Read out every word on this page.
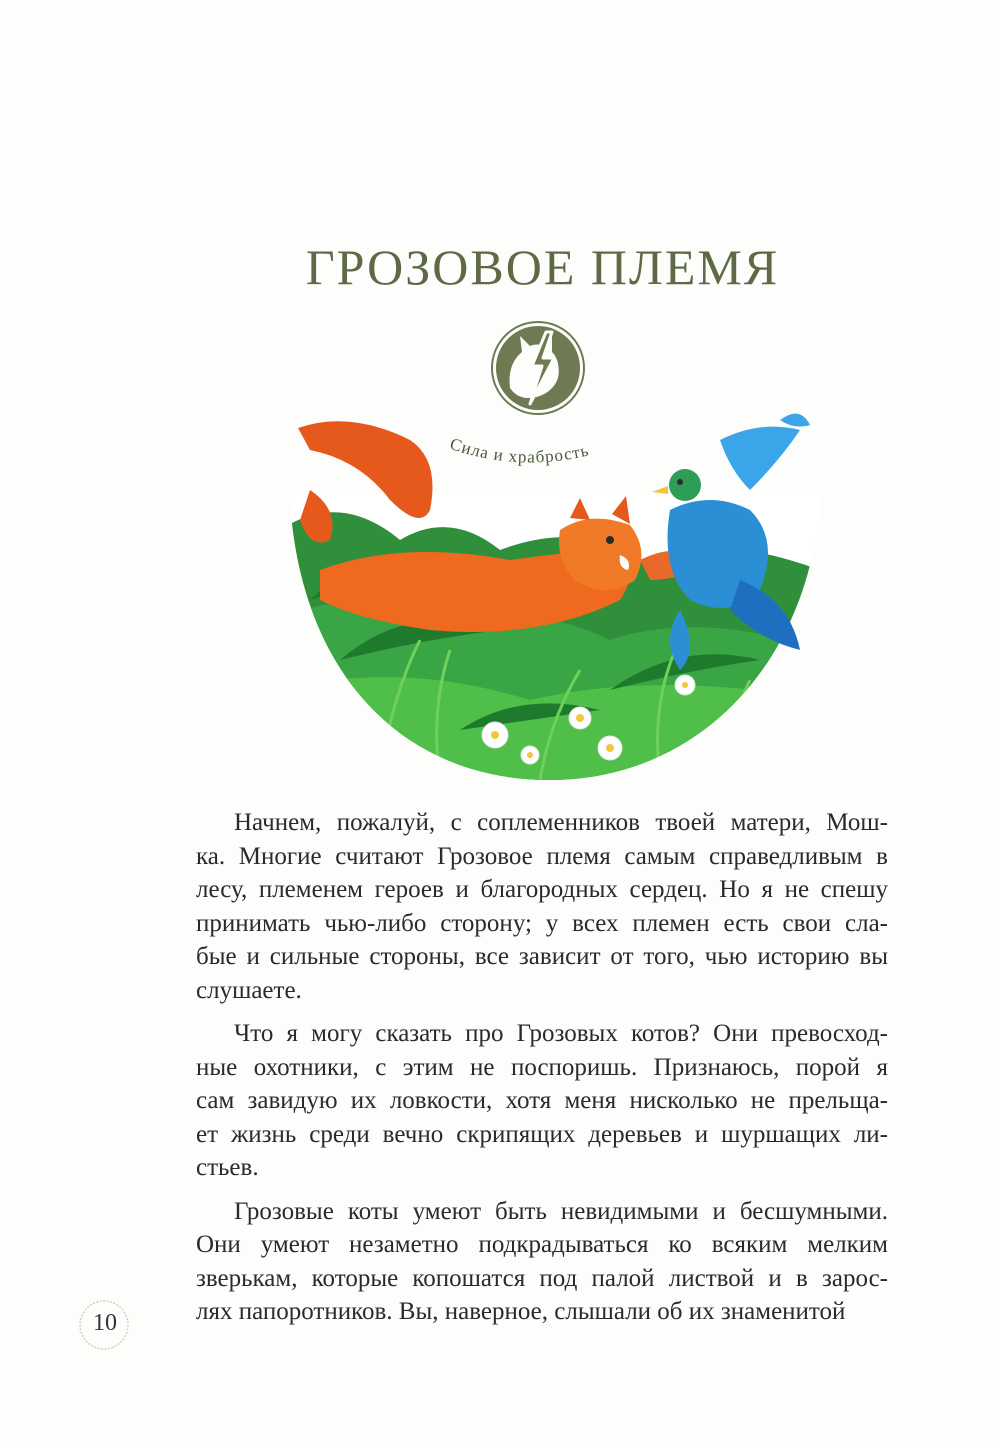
ГРОЗОВОЕ ПЛЕМЯ
Сила и храбрость
Начнем, пожалуй, с соплеменников твоей матери, Мош-
ка. Многие считают Грозовое племя самым справедливым в
лесу, племенем героев и благородных сердец. Но я не спешу
принимать чью-либо сторону; у всех племен есть свои сла-
бые и сильные стороны, все зависит от того, чью историю вы
слушаете.
Что я могу сказать про Грозовых котов? Они превосход-
ные охотники, с этим не поспоришь. Признаюсь, порой я
сам завидую их ловкости, хотя меня нисколько не прельща-
ет жизнь среди вечно скрипящих деревьев и шуршащих ли-
стьев.
Грозовые коты умеют быть невидимыми и бесшумными.
Они умеют незаметно подкрадываться ко всяким мелким
зверькам, которые копошатся под палой листвой и в зарос-
лях папоротников. Вы, наверное, слышали об их знаменитой
10
